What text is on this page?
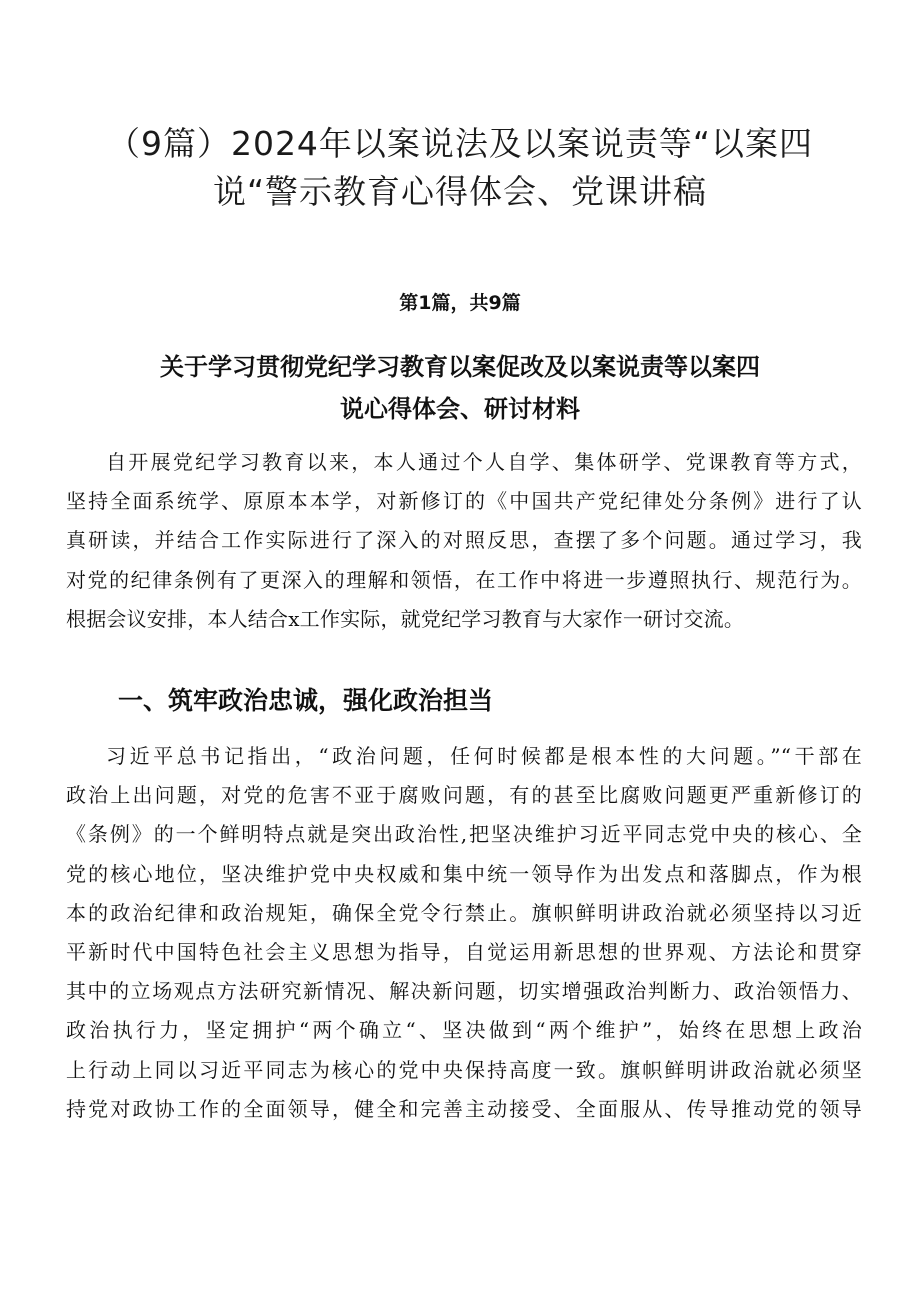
（9篇）2024年以案说法及以案说责等“以案四
说“警示教育心得体会、党课讲稿
第1篇，共9篇
关于学习贯彻党纪学习教育以案促改及以案说责等以案四
说心得体会、研讨材料
自开展党纪学习教育以来，本人通过个人自学、集体研学、党课教育等方式，
坚持全面系统学、原原本本学，对新修订的《中国共产党纪律处分条例》进行了认
真研读，并结合工作实际进行了深入的对照反思，查摆了多个问题。通过学习，我
对党的纪律条例有了更深入的理解和领悟，在工作中将进一步遵照执行、规范行为。
根据会议安排，本人结合x工作实际，就党纪学习教育与大家作一研讨交流。
一、筑牢政治忠诚，强化政治担当
习近平总书记指出，“政治问题，任何时候都是根本性的大问题。”“干部在
政治上出问题，对党的危害不亚于腐败问题，有的甚至比腐败问题更严重新修订的
《条例》的一个鲜明特点就是突出政治性,把坚决维护习近平同志党中央的核心、全
党的核心地位，坚决维护党中央权威和集中统一领导作为出发点和落脚点，作为根
本的政治纪律和政治规矩，确保全党令行禁止。旗帜鲜明讲政治就必须坚持以习近
平新时代中国特色社会主义思想为指导，自觉运用新思想的世界观、方法论和贯穿
其中的立场观点方法研究新情况、解决新问题，切实增强政治判断力、政治领悟力、
政治执行力，坚定拥护“两个确立“、坚决做到“两个维护”，始终在思想上政治
上行动上同以习近平同志为核心的党中央保持高度一致。旗帜鲜明讲政治就必须坚
持党对政协工作的全面领导，健全和完善主动接受、全面服从、传导推动党的领导
